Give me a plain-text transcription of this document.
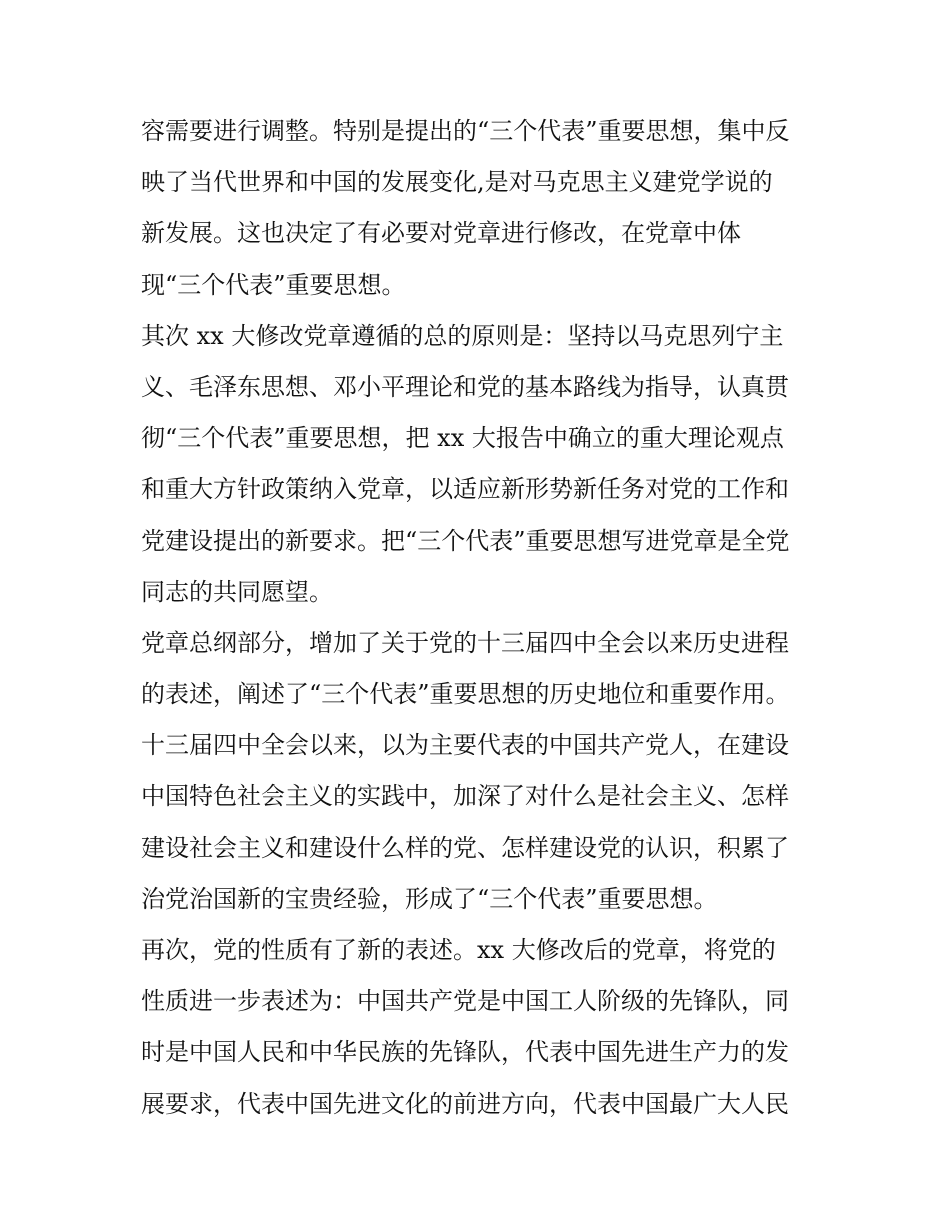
容需要进行调整。特别是提出的“三个代表”重要思想，集中反
映了当代世界和中国的发展变化,是对马克思主义建党学说的
新发展。这也决定了有必要对党章进行修改，在党章中体
现“三个代表”重要思想。
其次 xx 大修改党章遵循的总的原则是：坚持以马克思列宁主
义、毛泽东思想、邓小平理论和党的基本路线为指导，认真贯
彻“三个代表”重要思想，把 xx 大报告中确立的重大理论观点
和重大方针政策纳入党章，以适应新形势新任务对党的工作和
党建设提出的新要求。把“三个代表”重要思想写进党章是全党
同志的共同愿望。
党章总纲部分，增加了关于党的十三届四中全会以来历史进程
的表述，阐述了“三个代表”重要思想的历史地位和重要作用。
十三届四中全会以来，以为主要代表的中国共产党人，在建设
中国特色社会主义的实践中，加深了对什么是社会主义、怎样
建设社会主义和建设什么样的党、怎样建设党的认识，积累了
治党治国新的宝贵经验，形成了“三个代表”重要思想。
再次，党的性质有了新的表述。xx 大修改后的党章，将党的
性质进一步表述为：中国共产党是中国工人阶级的先锋队，同
时是中国人民和中华民族的先锋队，代表中国先进生产力的发
展要求，代表中国先进文化的前进方向，代表中国最广大人民
